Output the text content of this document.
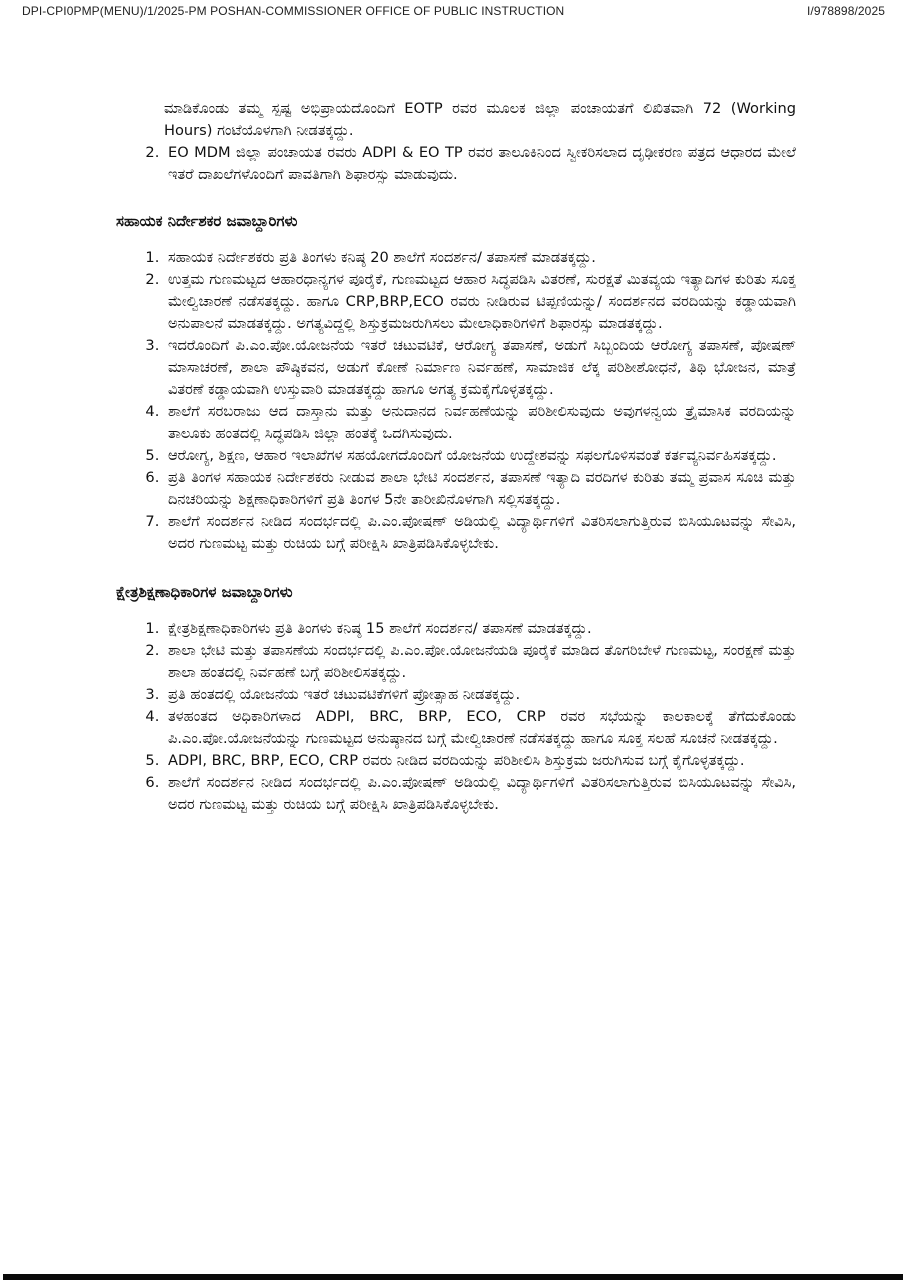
DPI-CPI0PMP(MENU)/1/2025-PM POSHAN-COMMISSIONER OFFICE OF PUBLIC INSTRUCTION	I/978898/2025

ಮಾಡಿಕೊಂಡು ತಮ್ಮ ಸ್ಪಷ್ಟ ಅಭಿಪ್ರಾಯದೊಂದಿಗೆ EOTP ರವರ ಮೂಲಕ ಜಿಲ್ಲಾ ಪಂಚಾಯತಗೆ ಲಿಖಿತವಾಗಿ 72 (Working Hours) ಗಂಟೆಯೊಳಗಾಗಿ ನೀಡತಕ್ಕದ್ದು.

2. EO MDM ಜಿಲ್ಲಾ ಪಂಚಾಯತ ರವರು ADPI & EO TP ರವರ ತಾಲೂಕಿನಿಂದ ಸ್ವೀಕರಿಸಲಾದ ದೃಢೀಕರಣ ಪತ್ರದ ಆಧಾರದ ಮೇಲೆ ಇತರೆ ದಾಖಲೆಗಳೊಂದಿಗೆ ಪಾವತಿಗಾಗಿ ಶಿಫಾರಸ್ಸು ಮಾಡುವುದು.
ಸಹಾಯಕ ನಿರ್ದೇಶಕರ ಜವಾಬ್ದಾರಿಗಳು
1. ಸಹಾಯಕ ನಿರ್ದೇಶಕರು ಪ್ರತಿ ತಿಂಗಳು ಕನಿಷ್ಠ 20 ಶಾಲೆಗೆ ಸಂದರ್ಶನ/ ತಪಾಸಣೆ ಮಾಡತಕ್ಕದ್ದು.
2. ಉತ್ತಮ ಗುಣಮಟ್ಟದ ಆಹಾರಧಾನ್ಯಗಳ ಪೂರೈಕೆ, ಗುಣಮಟ್ಟದ ಆಹಾರ ಸಿದ್ಧಪಡಿಸಿ ವಿತರಣೆ, ಸುರಕ್ಷತೆ ಮಿತವ್ಯಯ ಇತ್ಯಾದಿಗಳ ಕುರಿತು ಸೂಕ್ತ ಮೇಲ್ವಿಚಾರಣೆ ನಡೆಸತಕ್ಕದ್ದು. ಹಾಗೂ CRP,BRP,ECO ರವರು ನೀಡಿರುವ ಟಿಪ್ಪಣಿಯನ್ನು/ ಸಂದರ್ಶನದ ವರದಿಯನ್ನು ಕಡ್ಡಾಯವಾಗಿ ಅನುಪಾಲನೆ ಮಾಡತಕ್ಕದ್ದು. ಅಗತ್ಯವಿದ್ದಲ್ಲಿ ಶಿಸ್ತುಕ್ರಮಜರುಗಿಸಲು ಮೇಲಾಧಿಕಾರಿಗಳಿಗೆ ಶಿಫಾರಸ್ಸು ಮಾಡತಕ್ಕದ್ದು.
3. ಇದರೊಂದಿಗೆ ಪಿ.ಎಂ.ಪೋ.ಯೋಜನೆಯ ಇತರೆ ಚಟುವಟಿಕೆ, ಆರೋಗ್ಯ ತಪಾಸಣೆ, ಅಡುಗೆ ಸಿಬ್ಬಂದಿಯ ಆರೋಗ್ಯ ತಪಾಸಣೆ, ಪೋಷಣ್ ಮಾಸಾಚರಣೆ, ಶಾಲಾ ಪೌಷ್ಠಿಕವನ, ಅಡುಗೆ ಕೋಣೆ ನಿರ್ಮಾಣ ನಿರ್ವಹಣೆ, ಸಾಮಾಜಿಕ ಲೆಕ್ಕ ಪರಿಶೀಶೋಧನೆ, ತಿಥಿ ಭೋಜನ, ಮಾತ್ರೆ ವಿತರಣೆ ಕಡ್ಡಾಯವಾಗಿ ಉಸ್ತುವಾರಿ ಮಾಡತಕ್ಕದ್ದು ಹಾಗೂ ಅಗತ್ಯ ಕ್ರಮಕೈಗೊಳ್ಳತಕ್ಕದ್ದು.
4. ಶಾಲೆಗೆ ಸರಬರಾಜು ಆದ ದಾಸ್ತಾನು ಮತ್ತು ಅನುದಾನದ ನಿರ್ವಹಣೆಯನ್ನು ಪರಿಶೀಲಿಸುವುದು ಅವುಗಳನ್ವಯ ತ್ರೈಮಾಸಿಕ ವರದಿಯನ್ನು ತಾಲೂಕು ಹಂತದಲ್ಲಿ ಸಿದ್ಧಪಡಿಸಿ ಜಿಲ್ಲಾ ಹಂತಕ್ಕೆ ಒದಗಿಸುವುದು.
5. ಆರೋಗ್ಯ, ಶಿಕ್ಷಣ, ಆಹಾರ ಇಲಾಖೆಗಳ ಸಹಯೋಗದೊಂದಿಗೆ ಯೋಜನೆಯ ಉದ್ದೇಶವನ್ನು ಸಫಲಗೊಳಿಸವಂತೆ ಕರ್ತವ್ಯನಿರ್ವಹಿಸತಕ್ಕದ್ದು.
6. ಪ್ರತಿ ತಿಂಗಳ ಸಹಾಯಕ ನಿರ್ದೇಶಕರು ನೀಡುವ ಶಾಲಾ ಭೇಟಿ ಸಂದರ್ಶನ, ತಪಾಸಣೆ ಇತ್ಯಾದಿ ವರದಿಗಳ ಕುರಿತು ತಮ್ಮ ಪ್ರವಾಸ ಸೂಚಿ ಮತ್ತು ದಿನಚರಿಯನ್ನು ಶಿಕ್ಷಣಾಧಿಕಾರಿಗಳಿಗೆ ಪ್ರತಿ ತಿಂಗಳ 5ನೇ ತಾರೀಖಿನೊಳಗಾಗಿ ಸಲ್ಲಿಸತಕ್ಕದ್ದು.
7. ಶಾಲೆಗೆ ಸಂದರ್ಶನ ನೀಡಿದ ಸಂದರ್ಭದಲ್ಲಿ ಪಿ.ಎಂ.ಪೋಷಣ್ ಅಡಿಯಲ್ಲಿ ವಿದ್ಯಾರ್ಥಿಗಳಿಗೆ ವಿತರಿಸಲಾಗುತ್ತಿರುವ ಬಿಸಿಯೂಟವನ್ನು ಸೇವಿಸಿ, ಅದರ ಗುಣಮಟ್ಟ ಮತ್ತು ರುಚಿಯ ಬಗ್ಗೆ ಪರೀಕ್ಷಿಸಿ ಖಾತ್ರಿಪಡಿಸಿಕೊಳ್ಳಬೇಕು.
ಕ್ಷೇತ್ರಶಿಕ್ಷಣಾಧಿಕಾರಿಗಳ ಜವಾಬ್ದಾರಿಗಳು
1. ಕ್ಷೇತ್ರಶಿಕ್ಷಣಾಧಿಕಾರಿಗಳು ಪ್ರತಿ ತಿಂಗಳು ಕನಿಷ್ಠ 15 ಶಾಲೆಗೆ ಸಂದರ್ಶನ/ ತಪಾಸಣೆ ಮಾಡತಕ್ಕದ್ದು.
2. ಶಾಲಾ ಭೇಟಿ ಮತ್ತು ತಪಾಸಣೆಯ ಸಂದರ್ಭದಲ್ಲಿ ಪಿ.ಎಂ.ಪೋ.ಯೋಜನೆಯಡಿ ಪೂರೈಕೆ ಮಾಡಿದ ತೊಗರಿಬೇಳೆ ಗುಣಮಟ್ಟ, ಸಂರಕ್ಷಣೆ ಮತ್ತು ಶಾಲಾ ಹಂತದಲ್ಲಿ ನಿರ್ವಹಣೆ ಬಗ್ಗೆ ಪರಿಶೀಲಿಸತಕ್ಕದ್ದು.
3. ಪ್ರತಿ ಹಂತದಲ್ಲಿ ಯೋಜನೆಯ ಇತರೆ ಚಟುವಟಿಕೆಗಳಿಗೆ ಪ್ರೋತ್ಸಾಹ ನೀಡತಕ್ಕದ್ದು.
4. ತಳಹಂತದ ಅಧಿಕಾರಿಗಳಾದ ADPI, BRC, BRP, ECO, CRP ರವರ ಸಭೆಯನ್ನು ಕಾಲಕಾಲಕ್ಕೆ ತೆಗೆದುಕೊಂಡು ಪಿ.ಎಂ.ಪೋ.ಯೋಜನೆಯನ್ನು ಗುಣಮಟ್ಟದ ಅನುಷ್ಠಾನದ ಬಗ್ಗೆ ಮೇಲ್ವಿಚಾರಣೆ ನಡೆಸತಕ್ಕದ್ದು ಹಾಗೂ ಸೂಕ್ತ ಸಲಹೆ ಸೂಚನೆ ನೀಡತಕ್ಕದ್ದು.
5. ADPI, BRC, BRP, ECO, CRP ರವರು ನೀಡಿದ ವರದಿಯನ್ನು ಪರಿಶೀಲಿಸಿ ಶಿಸ್ತುಕ್ರಮ ಜರುಗಿಸುವ ಬಗ್ಗೆ ಕೈಗೊಳ್ಳತಕ್ಕದ್ದು.
6. ಶಾಲೆಗೆ ಸಂದರ್ಶನ ನೀಡಿದ ಸಂದರ್ಭದಲ್ಲಿ ಪಿ.ಎಂ.ಪೋಷಣ್ ಅಡಿಯಲ್ಲಿ ವಿದ್ಯಾರ್ಥಿಗಳಿಗೆ ವಿತರಿಸಲಾಗುತ್ತಿರುವ ಬಿಸಿಯೂಟವನ್ನು ಸೇವಿಸಿ, ಅದರ ಗುಣಮಟ್ಟ ಮತ್ತು ರುಚಿಯ ಬಗ್ಗೆ ಪರೀಕ್ಷಿಸಿ ಖಾತ್ರಿಪಡಿಸಿಕೊಳ್ಳಬೇಕು.
